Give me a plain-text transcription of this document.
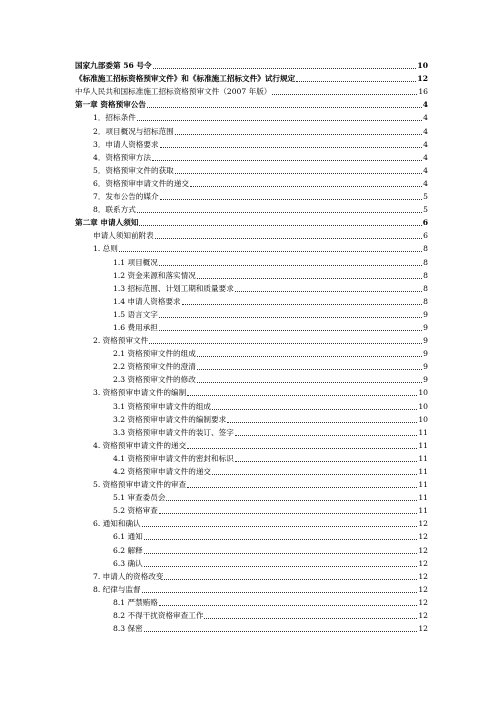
国家九部委第 56 号令	10
《标准施工招标资格预审文件》和《标准施工招标文件》试行规定	12
中华人民共和国标准施工招标资格预审文件（2007 年版）	16
第一章 资格预审公告	4
1．招标条件	4
2．项目概况与招标范围	4
3．申请人资格要求	4
4．资格预审方法	4
5．资格预审文件的获取	4
6．资格预审申请文件的递交	4
7．发布公告的媒介	5
8．联系方式	5
第二章 申请人须知	6
申请人须知前附表	6
1. 总则	8
1.1 项目概况	8
1.2 资金来源和落实情况	8
1.3 招标范围、计划工期和质量要求	8
1.4 申请人资格要求	8
1.5 语言文字	9
1.6 费用承担	9
2. 资格预审文件	9
2.1 资格预审文件的组成	9
2.2 资格预审文件的澄清	9
2.3 资格预审文件的修改	9
3. 资格预审申请文件的编制	10
3.1 资格预审申请文件的组成	10
3.2 资格预审申请文件的编制要求	10
3.3 资格预审申请文件的装订、签字	11
4. 资格预审申请文件的递交	11
4.1 资格预审申请文件的密封和标识	11
4.2 资格预审申请文件的递交	11
5. 资格预审申请文件的审查	11
5.1 审查委员会	11
5.2 资格审查	11
6. 通知和确认	12
6.1 通知	12
6.2 解释	12
6.3 确认	12
7. 申请人的资格改变	12
8. 纪律与监督	12
8.1 严禁贿赂	12
8.2 不得干扰资格审查工作	12
8.3 保密	12
